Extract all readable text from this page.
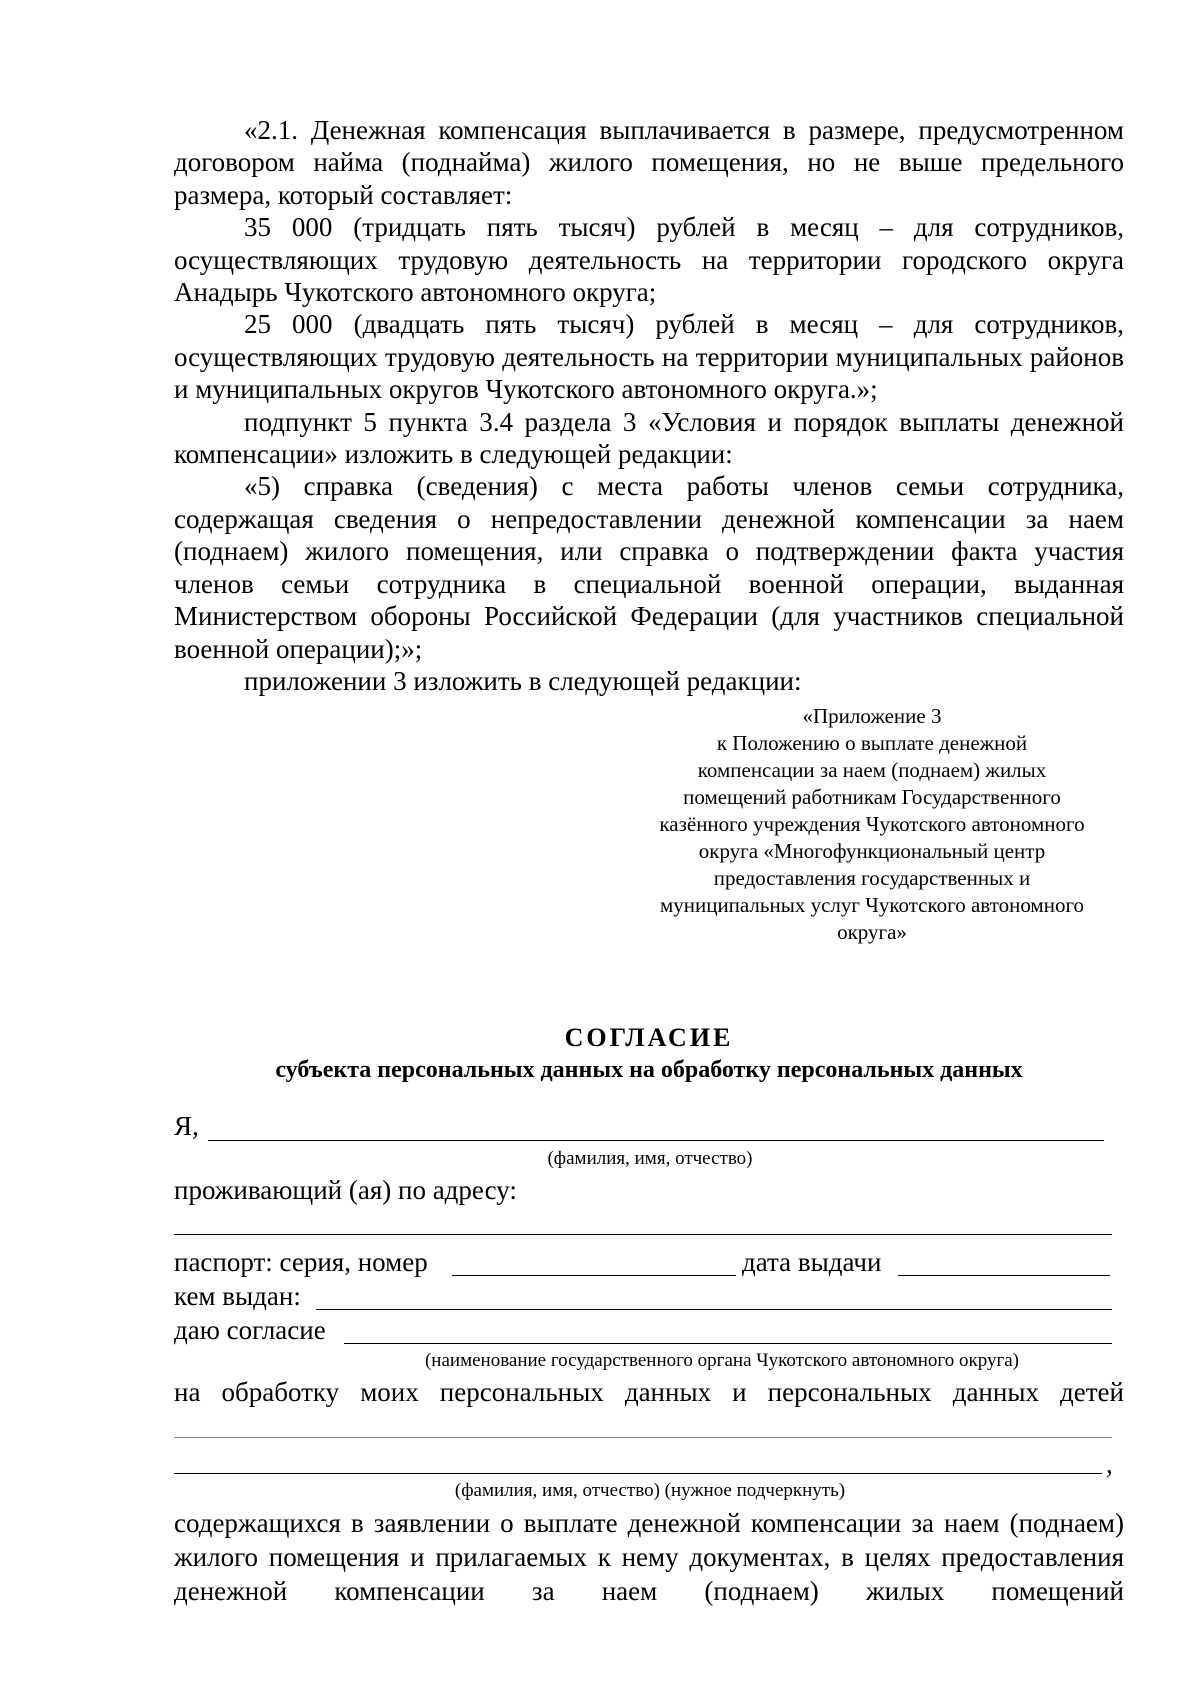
«2.1. Денежная компенсация выплачивается в размере, предусмотренном договором найма (поднайма) жилого помещения, но не выше предельного размера, который составляет:

35 000 (тридцать пять тысяч) рублей в месяц – для сотрудников, осуществляющих трудовую деятельность на территории городского округа Анадырь Чукотского автономного округа;

25 000 (двадцать пять тысяч) рублей в месяц – для сотрудников, осуществляющих трудовую деятельность на территории муниципальных районов и муниципальных округов Чукотского автономного округа.»;

подпункт 5 пункта 3.4 раздела 3 «Условия и порядок выплаты денежной компенсации» изложить в следующей редакции:

«5) справка (сведения) с места работы членов семьи сотрудника, содержащая сведения о непредоставлении денежной компенсации за наем (поднаем) жилого помещения, или справка о подтверждении факта участия членов семьи сотрудника в специальной военной операции, выданная Министерством обороны Российской Федерации (для участников специальной военной операции);»;

приложении 3 изложить в следующей редакции:

«Приложение 3
к Положению о выплате денежной
компенсации за наем (поднаем) жилых
помещений работникам Государственного
казённого учреждения Чукотского автономного
округа «Многофункциональный центр
предоставления государственных и
муниципальных услуг Чукотского автономного
округа»
СОГЛАСИЕ
субъекта персональных данных на обработку персональных данных
Я,
(фамилия, имя, отчество)
проживающий (ая) по адресу:
паспорт: серия, номер	дата выдачи
кем выдан:
даю согласие
(наименование государственного органа Чукотского автономного округа)
на обработку моих персональных данных и персональных данных детей
,
(фамилия, имя, отчество) (нужное подчеркнуть)

содержащихся в заявлении о выплате денежной компенсации за наем (поднаем) жилого помещения и прилагаемых к нему документах, в целях предоставления денежной компенсации за наем (поднаем) жилых помещений
